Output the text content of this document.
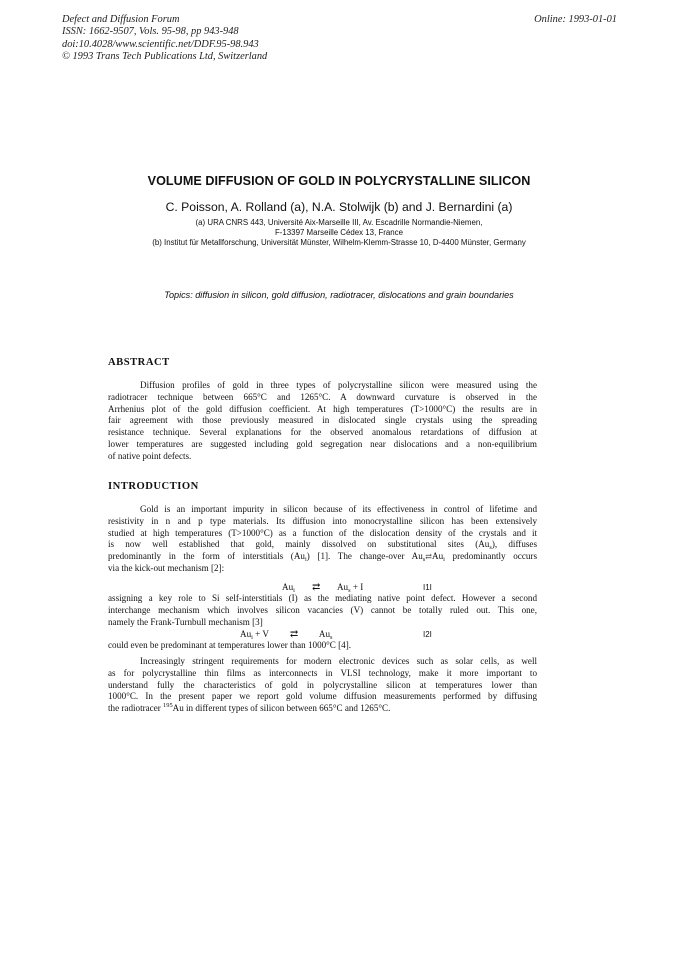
Defect and Diffusion Forum
ISSN: 1662-9507, Vols. 95-98, pp 943-948
doi:10.4028/www.scientific.net/DDF.95-98.943
© 1993 Trans Tech Publications Ltd, Switzerland
Online: 1993-01-01
VOLUME DIFFUSION OF GOLD IN POLYCRYSTALLINE SILICON
C. Poisson, A. Rolland (a), N.A. Stolwijk (b) and J. Bernardini (a)
(a) URA CNRS 443, Université Aix-Marseille III, Av. Escadrille Normandie-Niemen,
F-13397 Marseille Cédex 13, France
(b) Institut für Metallforschung, Universität Münster, Wilhelm-Klemm-Strasse 10, D-4400 Münster, Germany
Topics: diffusion in silicon, gold diffusion, radiotracer, dislocations and grain boundaries
ABSTRACT
Diffusion profiles of gold in three types of polycrystalline silicon were measured using the
radiotracer technique between 665°C and 1265°C. A downward curvature is observed in the
Arrhenius plot of the gold diffusion coefficient. At high temperatures (T>1000°C) the results are in
fair agreement with those previously measured in dislocated single crystals using the spreading
resistance technique. Several explanations for the observed anomalous retardations of diffusion at
lower temperatures are suggested including gold segregation near dislocations and a non-equilibrium
of native point defects.
INTRODUCTION
Gold is an important impurity in silicon because of its effectiveness in control of lifetime and
resistivity in n and p type materials. Its diffusion into monocrystalline silicon has been extensively
studied at high temperatures (T>1000°C) as a function of the dislocation density of the crystals and it
is now well established that gold, mainly dissolved on substitutional sites $(Au_s)$, diffuses
predominantly in the form of interstitials $(Au_i)$ [1]. The change-over $Au_s⇄Au_i$ predominantly occurs
via the kick-out mechanism [2]:
$Au_i$ ⇄ $Au_s + I$	I1I
assigning a key role to Si self-interstitials (I) as the mediating native point defect. However a second
interchange mechanism which involves silicon vacancies (V) cannot be totally ruled out. This one,
namely the Frank-Turnbull mechanism [3]
$Au_i + V$ ⇄ $Au_s$	I2I
could even be predominant at temperatures lower than 1000°C [4].
Increasingly stringent requirements for modern electronic devices such as solar cells, as well
as for polycrystalline thin films as interconnects in VLSI technology, make it more important to
understand fully the characteristics of gold in polycrystalline silicon at temperatures lower than
1000°C. In the present paper we report gold volume diffusion measurements performed by diffusing
the radiotracer $^{195}$Au in different types of silicon between 665°C and 1265°C.
